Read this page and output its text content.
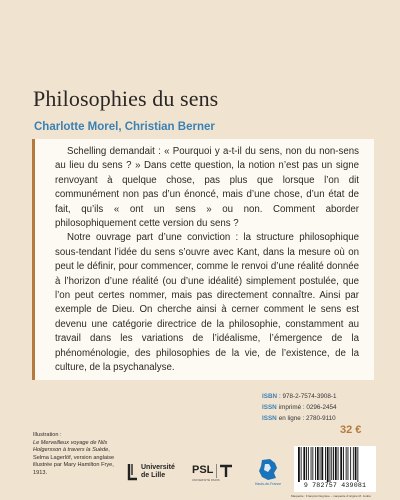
Philosophies du sens

Charlotte Morel, Christian Berner

Schelling demandait : « Pourquoi y a-t-il du sens, non du non-sens au lieu du sens ? » Dans cette question, la notion n’est pas un signe renvoyant à quelque chose, pas plus que lorsque l’on dit communément non pas d’un énoncé, mais d’une chose, d’un état de fait, qu’ils « ont un sens » ou non. Comment aborder philosophiquement cette version du sens ?

Notre ouvrage part d’une conviction : la structure philosophique sous-tendant l’idée du sens s’ouvre avec Kant, dans la mesure où on peut le définir, pour commencer, comme le renvoi d’une réalité donnée à l’horizon d’une réalité (ou d’une idéalité) simplement postulée, que l’on peut certes nommer, mais pas directement connaître. Ainsi par exemple de Dieu. On cherche ainsi à cerner comment le sens est devenu une catégorie directrice de la philosophie, constamment au travail dans les variations de l’idéalisme, l’émergence de la phénoménologie, des philosophies de la vie, de l’existence, de la culture, de la psychanalyse.

ISBN : 978-2-7574-3908-1
ISSN imprimé : 0296-2454
ISSN en ligne : 2780-9110
32 €
Illustration :
Le Merveilleux voyage de Nils Holgersson à travers la Suède, Selma Lagerlöf, version anglaise illustrée par Mary Hamilton Frye, 1913.
Université de Lille	PSL
UNIVERSITÉ PARIS
Hauts-de-France	9 782757 439081
Maquette : François Degrave – maquette d’origine M. Joubé
